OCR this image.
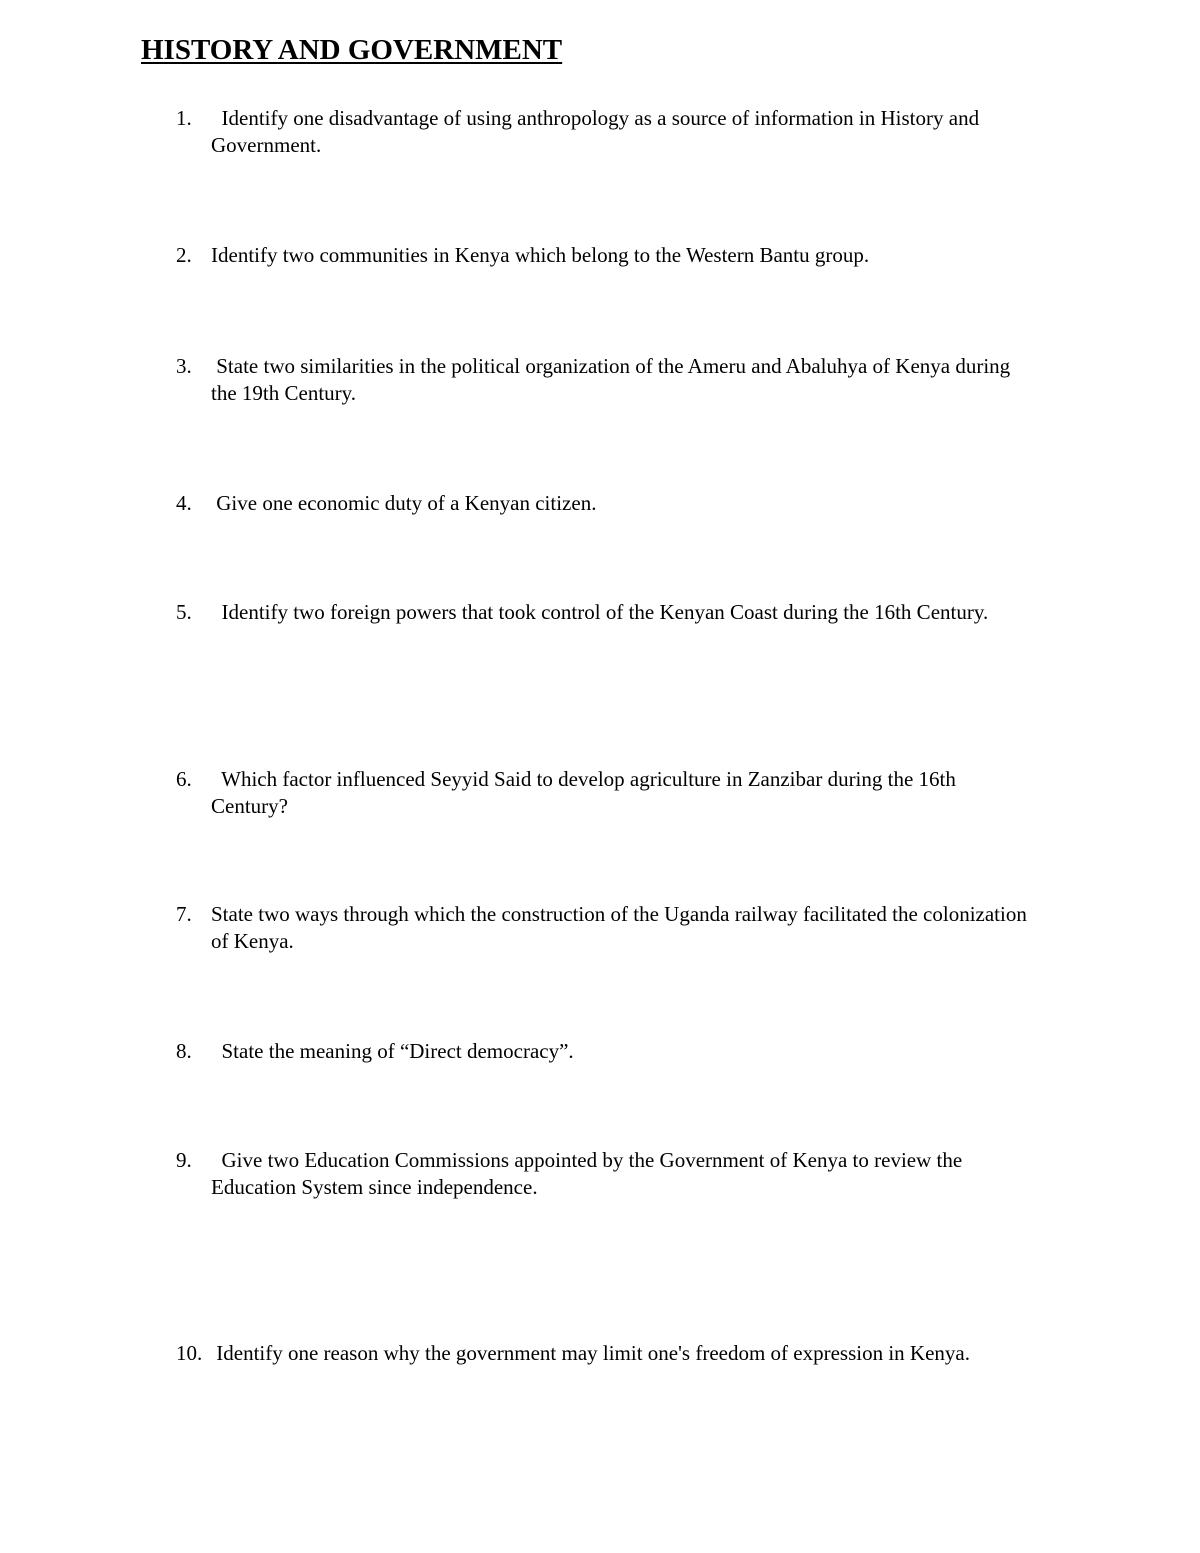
HISTORY AND GOVERNMENT
1. Identify one disadvantage of using anthropology as a source of information in History and
Government.
2. Identify two communities in Kenya which belong to the Western Bantu group.
3. State two similarities in the political organization of the Ameru and Abaluhya of Kenya during
the 19th Century.
4. Give one economic duty of a Kenyan citizen.
5. Identify two foreign powers that took control of the Kenyan Coast during the 16th Century.
6. Which factor influenced Seyyid Said to develop agriculture in Zanzibar during the 16th
Century?
7. State two ways through which the construction of the Uganda railway facilitated the colonization
of Kenya.
8. State the meaning of “Direct democracy”.
9. Give two Education Commissions appointed by the Government of Kenya to review the
Education System since independence.
10. Identify one reason why the government may limit one's freedom of expression in Kenya.
